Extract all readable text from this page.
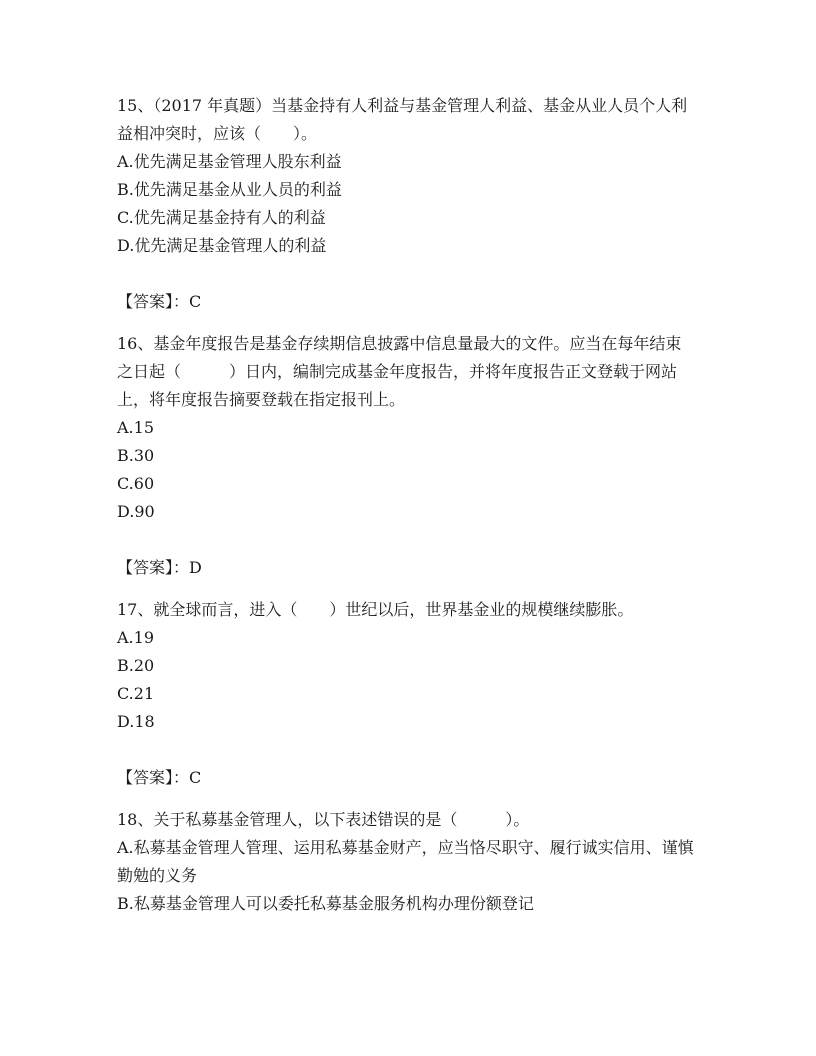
15、（2017 年真题）当基金持有人利益与基金管理人利益、基金从业人员个人利益相冲突时，应该（　　）。

A.优先满足基金管理人股东利益

B.优先满足基金从业人员的利益

C.优先满足基金持有人的利益

D.优先满足基金管理人的利益

【答案】：C

16、基金年度报告是基金存续期信息披露中信息量最大的文件。应当在每年结束之日起（　　　）日内，编制完成基金年度报告，并将年度报告正文登载于网站上，将年度报告摘要登载在指定报刊上。

A.15

B.30

C.60

D.90

【答案】：D

17、就全球而言，进入（　　）世纪以后，世界基金业的规模继续膨胀。

A.19

B.20

C.21

D.18

【答案】：C

18、关于私募基金管理人，以下表述错误的是（　　　）。

A.私募基金管理人管理、运用私募基金财产，应当恪尽职守、履行诚实信用、谨慎勤勉的义务

B.私募基金管理人可以委托私募基金服务机构办理份额登记
